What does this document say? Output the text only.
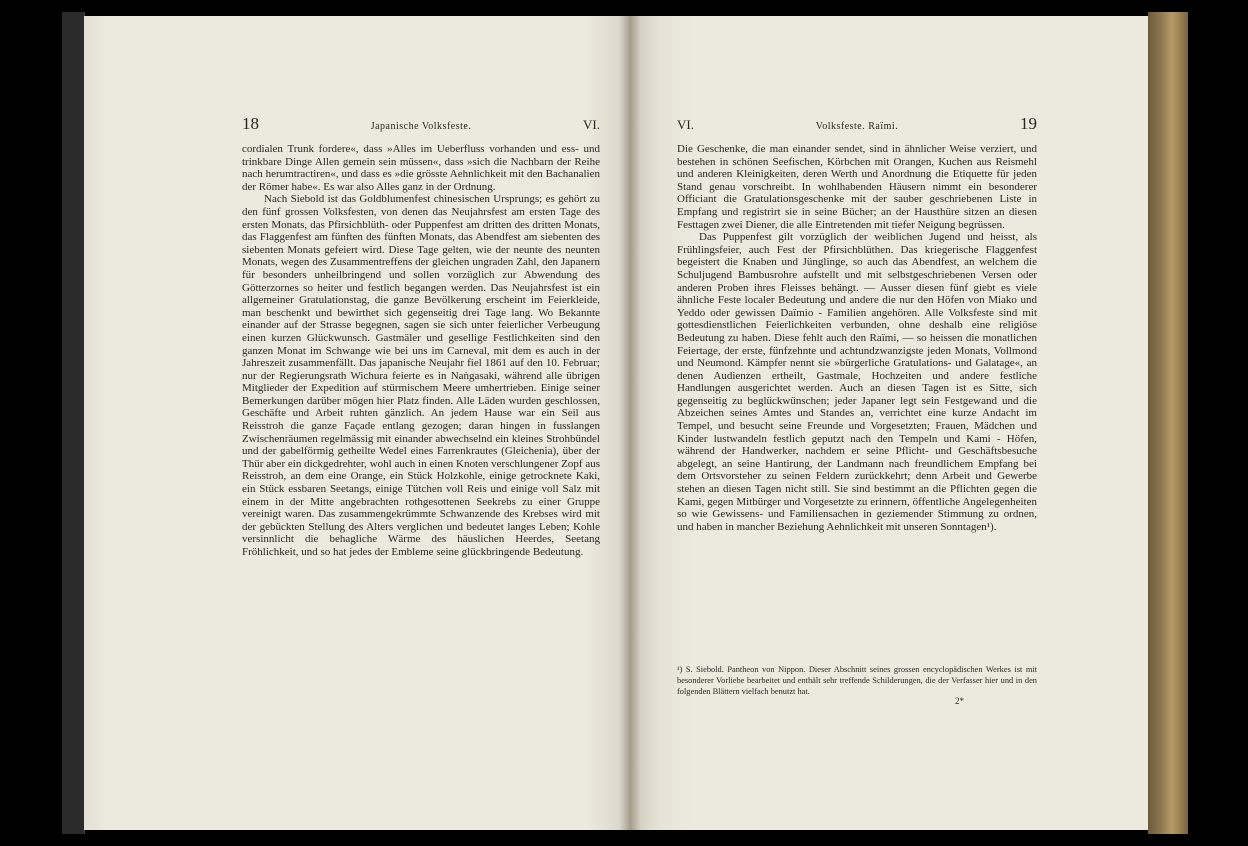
18	Japanische Volksfeste.	VI.

cordialen Trunk fordere«, dass »Alles im Ueberfluss vorhanden und ess- und trinkbare Dinge Allen gemein sein müssen«, dass »sich die Nachbarn der Reihe nach herumtractiren«, und dass es »die grösste Aehnlichkeit mit den Bachanalien der Römer habe«. Es war also Alles ganz in der Ordnung.

Nach Siebold ist das Goldblumenfest chinesischen Ursprungs; es gehört zu den fünf grossen Volksfesten, von denen das Neujahrsfest am ersten Tage des ersten Monats, das Pfirsichblüth- oder Puppenfest am dritten des dritten Monats, das Flaggenfest am fünften des fünften Monats, das Abendfest am siebenten des siebenten Monats gefeiert wird. Diese Tage gelten, wie der neunte des neunten Monats, wegen des Zusammentreffens der gleichen ungraden Zahl, den Japanern für besonders unheilbringend und sollen vorzüglich zur Abwendung des Götterzornes so heiter und festlich begangen werden. Das Neujahrsfest ist ein allgemeiner Gratulationstag, die ganze Bevölkerung erscheint im Feierkleide, man beschenkt und bewirthet sich gegenseitig drei Tage lang. Wo Bekannte einander auf der Strasse begegnen, sagen sie sich unter feierlicher Verbeugung einen kurzen Glückwunsch. Gastmäler und gesellige Festlichkeiten sind den ganzen Monat im Schwange wie bei uns im Carneval, mit dem es auch in der Jahreszeit zusammenfällt. Das japanische Neujahr fiel 1861 auf den 10. Februar; nur der Regierungsrath Wichura feierte es in Naṅgasaki, während alle übrigen Mitglieder der Expedition auf stürmischem Meere umhertrieben. Einige seiner Bemerkungen darüber mögen hier Platz finden. Alle Läden wurden geschlossen, Geschäfte und Arbeit ruhten gänzlich. An jedem Hause war ein Seil aus Reisstroh die ganze Façade entlang gezogen; daran hingen in fusslangen Zwischenräumen regelmässig mit einander abwechselnd ein kleines Strohbündel und der gabelförmig getheilte Wedel eines Farrenkrautes (Gleichenia), über der Thür aber ein dickgedrehter, wohl auch in einen Knoten verschlungener Zopf aus Reisstroh, an dem eine Orange, ein Stück Holzkohle, einige getrocknete Kaki, ein Stück essbaren Seetangs, einige Tütchen voll Reis und einige voll Salz mit einem in der Mitte angebrachten rothgesottenen Seekrebs zu einer Gruppe vereinigt waren. Das zusammengekrümmte Schwanzende des Krebses wird mit der gebückten Stellung des Alters verglichen und bedeutet langes Leben; Kohle versinnlicht die behagliche Wärme des häuslichen Heerdes, Seetang Fröhlichkeit, und so hat jedes der Embleme seine glückbringende Bedeutung.

VI.	Volksfeste. Raïmi.	19

Die Geschenke, die man einander sendet, sind in ähnlicher Weise verziert, und bestehen in schönen Seefischen, Körbchen mit Orangen, Kuchen aus Reismehl und anderen Kleinigkeiten, deren Werth und Anordnung die Etiquette für jeden Stand genau vorschreibt. In wohlhabenden Häusern nimmt ein besonderer Officiant die Gratulationsgeschenke mit der sauber geschriebenen Liste in Empfang und registrirt sie in seine Bücher; an der Hausthüre sitzen an diesen Festtagen zwei Diener, die alle Eintretenden mit tiefer Neigung begrüssen.

Das Puppenfest gilt vorzüglich der weiblichen Jugend und heisst, als Frühlingsfeier, auch Fest der Pfirsichblüthen. Das kriegerische Flaggenfest begeistert die Knaben und Jünglinge, so auch das Abendfest, an welchem die Schuljugend Bambusrohre aufstellt und mit selbstgeschriebenen Versen oder anderen Proben ihres Fleisses behängt. — Ausser diesen fünf giebt es viele ähnliche Feste localer Bedeutung und andere die nur den Höfen von Miako und Yeddo oder gewissen Daïmio - Familien angehören. Alle Volksfeste sind mit gottesdienstlichen Feierlichkeiten verbunden, ohne deshalb eine religiöse Bedeutung zu haben. Diese fehlt auch den Raïmi, — so heissen die monatlichen Feiertage, der erste, fünfzehnte und achtundzwanzigste jeden Monats, Vollmond und Neumond. Kämpfer nennt sie »bürgerliche Gratulations- und Galatage«, an denen Audienzen ertheilt, Gastmale, Hochzeiten und andere festliche Handlungen ausgerichtet werden. Auch an diesen Tagen ist es Sitte, sich gegenseitig zu beglückwünschen; jeder Japaner legt sein Festgewand und die Abzeichen seines Amtes und Standes an, verrichtet eine kurze Andacht im Tempel, und besucht seine Freunde und Vorgesetzten; Frauen, Mädchen und Kinder lustwandeln festlich geputzt nach den Tempeln und Kami - Höfen, während der Handwerker, nachdem er seine Pflicht- und Geschäftsbesuche abgelegt, an seine Hantirung, der Landmann nach freundlichem Empfang bei dem Ortsvorsteher zu seinen Feldern zurückkehrt; denn Arbeit und Gewerbe stehen an diesen Tagen nicht still. Sie sind bestimmt an die Pflichten gegen die Kami, gegen Mitbürger und Vorgesetzte zu erinnern, öffentliche Angelegenheiten so wie Gewissens- und Familiensachen in geziemender Stimmung zu ordnen, und haben in mancher Beziehung Aehnlichkeit mit unseren Sonntagen¹).

¹) S. Siebold. Pantheon von Nippon. Dieser Abschnitt seines grossen encyclopädischen Werkes ist mit besonderer Vorliebe bearbeitet und enthält sehr treffende Schilderungen, die der Verfasser hier und in den folgenden Blättern vielfach benutzt hat.
2*
